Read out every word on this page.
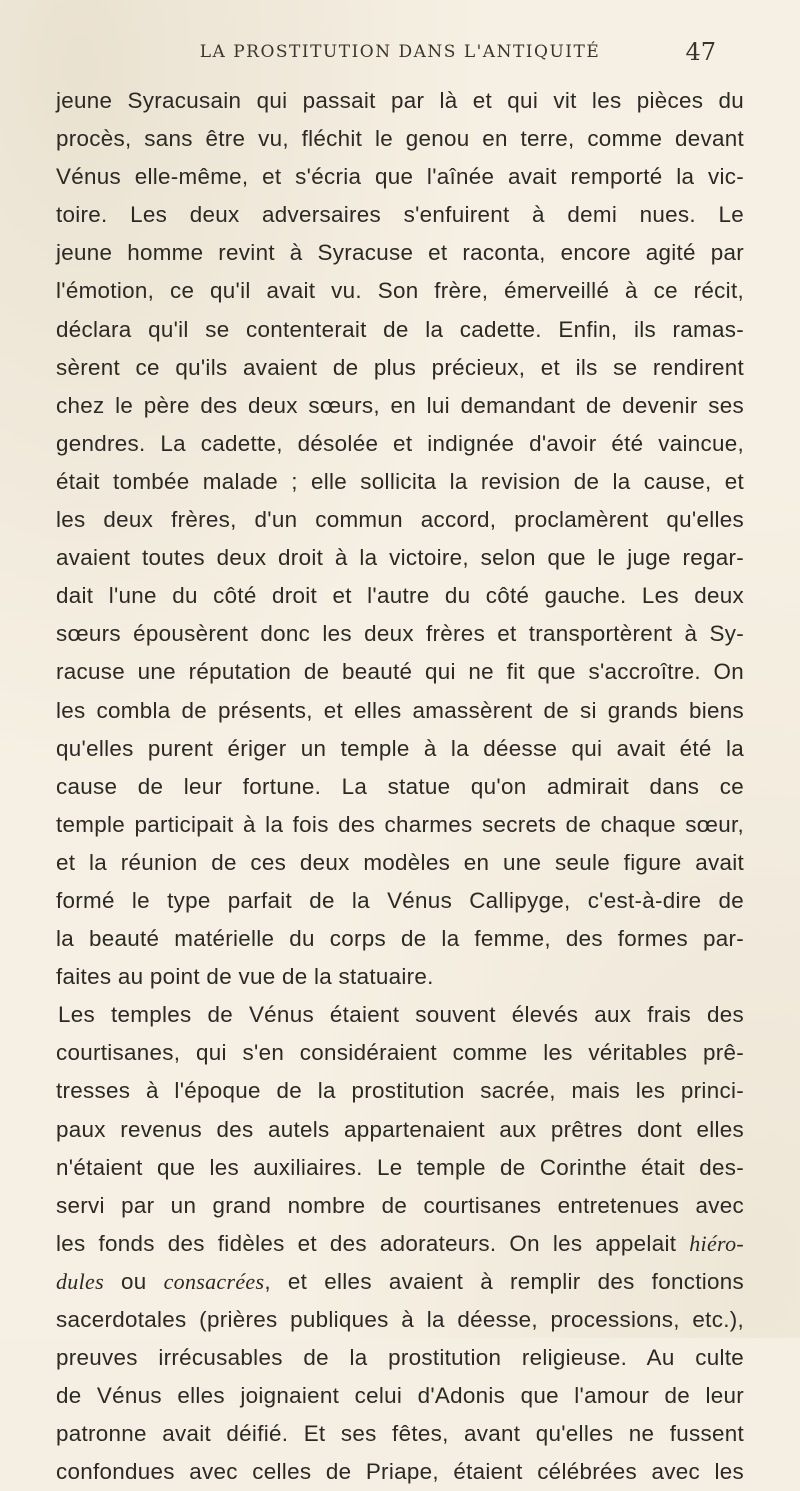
LA PROSTITUTION DANS L'ANTIQUITÉ	47
jeune Syracusain qui passait par là et qui vit les pièces du
procès, sans être vu, fléchit le genou en terre, comme devant
Vénus elle-même, et s'écria que l'aînée avait remporté la vic-
toire. Les deux adversaires s'enfuirent à demi nues. Le
jeune homme revint à Syracuse et raconta, encore agité par
l'émotion, ce qu'il avait vu. Son frère, émerveillé à ce récit,
déclara qu'il se contenterait de la cadette. Enfin, ils ramas-
sèrent ce qu'ils avaient de plus précieux, et ils se rendirent
chez le père des deux sœurs, en lui demandant de devenir ses
gendres. La cadette, désolée et indignée d'avoir été vaincue,
était tombée malade ; elle sollicita la revision de la cause, et
les deux frères, d'un commun accord, proclamèrent qu'elles
avaient toutes deux droit à la victoire, selon que le juge regar-
dait l'une du côté droit et l'autre du côté gauche. Les deux
sœurs épousèrent donc les deux frères et transportèrent à Sy-
racuse une réputation de beauté qui ne fit que s'accroître. On
les combla de présents, et elles amassèrent de si grands biens
qu'elles purent ériger un temple à la déesse qui avait été la
cause de leur fortune. La statue qu'on admirait dans ce
temple participait à la fois des charmes secrets de chaque sœur,
et la réunion de ces deux modèles en une seule figure avait
formé le type parfait de la Vénus Callipyge, c'est-à-dire de
la beauté matérielle du corps de la femme, des formes par-
faites au point de vue de la statuaire.
Les temples de Vénus étaient souvent élevés aux frais des
courtisanes, qui s'en considéraient comme les véritables prê-
tresses à l'époque de la prostitution sacrée, mais les princi-
paux revenus des autels appartenaient aux prêtres dont elles
n'étaient que les auxiliaires. Le temple de Corinthe était des-
servi par un grand nombre de courtisanes entretenues avec
les fonds des fidèles et des adorateurs. On les appelait hiéro-
dules ou consacrées, et elles avaient à remplir des fonctions
sacerdotales (prières publiques à la déesse, processions, etc.),
preuves irrécusables de la prostitution religieuse. Au culte
de Vénus elles joignaient celui d'Adonis que l'amour de leur
patronne avait déifié. Et ses fêtes, avant qu'elles ne fussent
confondues avec celles de Priape, étaient célébrées avec les
